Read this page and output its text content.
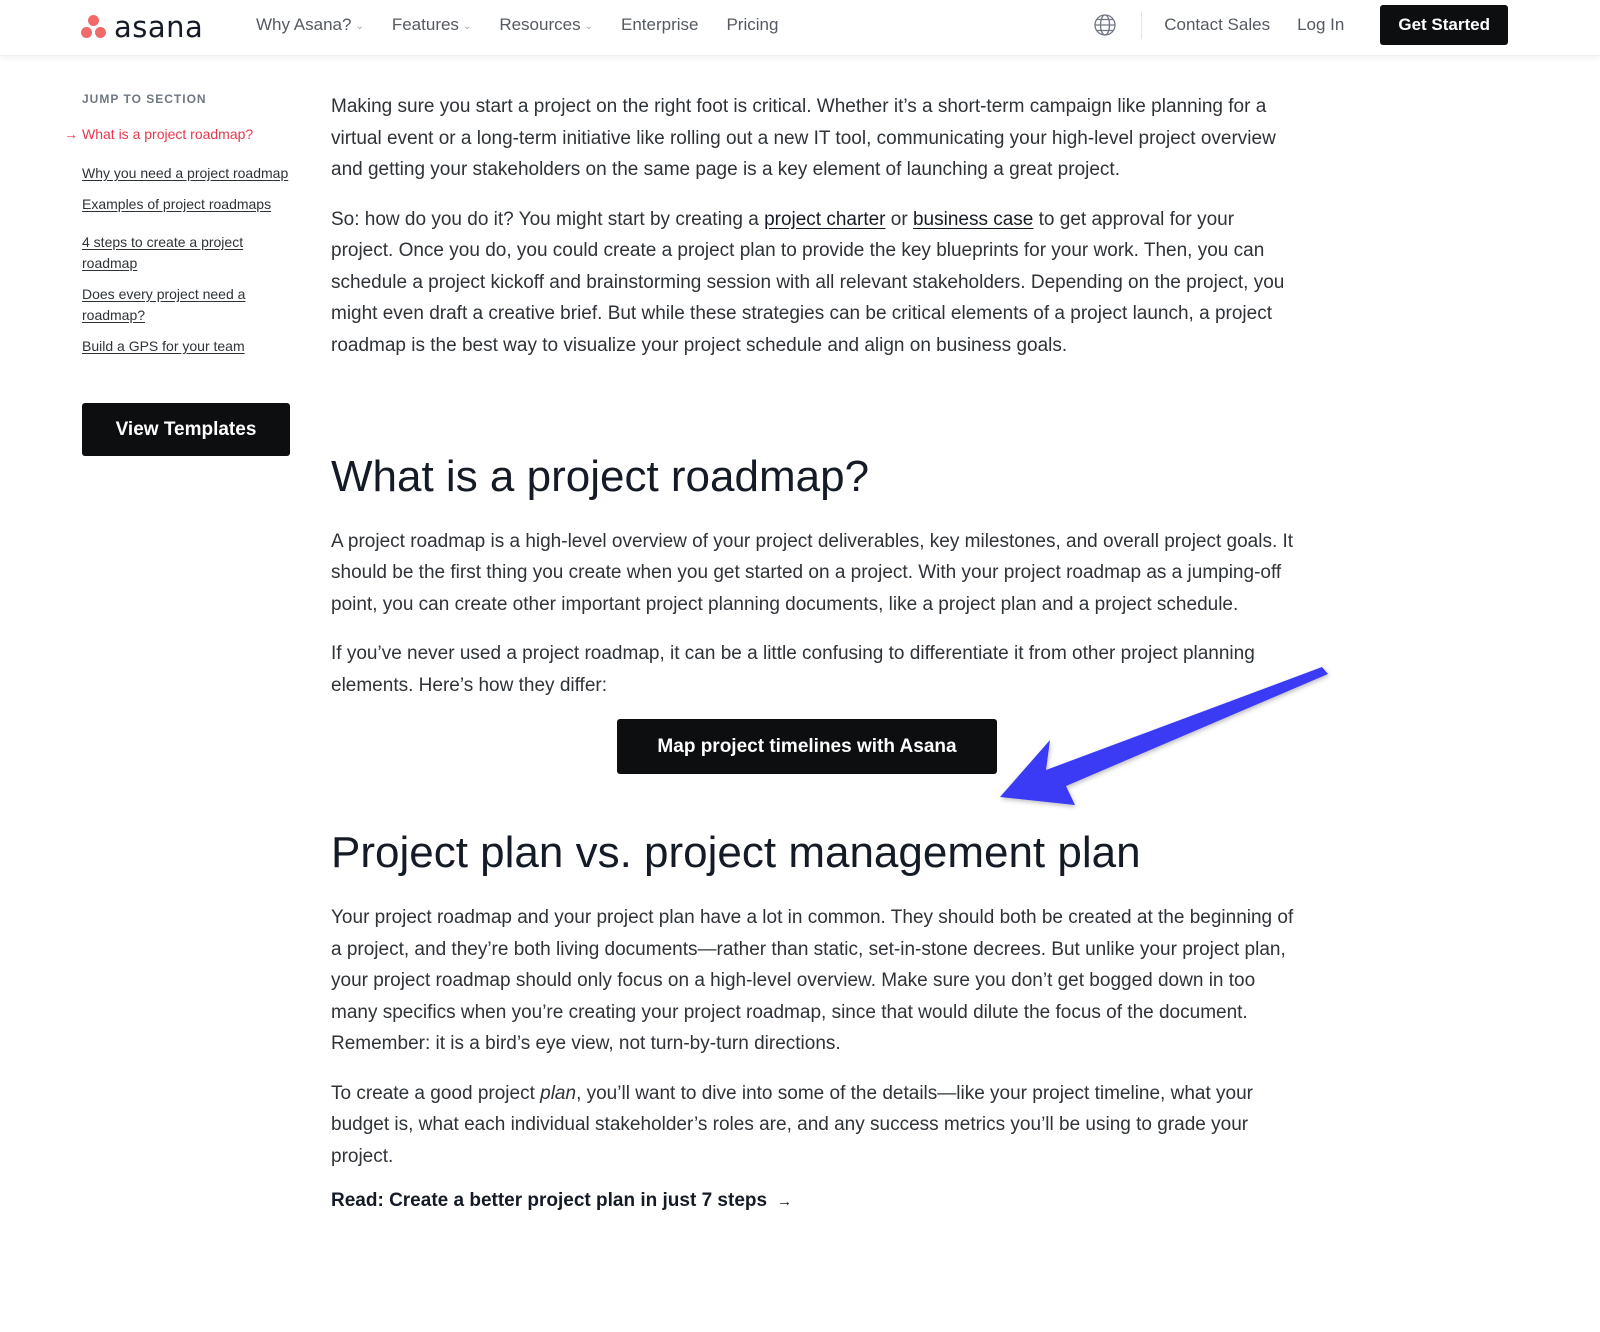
asana	Why Asana? ⌄ Features ⌄ Resources ⌄ Enterprise Pricing	Contact Sales Log In	Get Started
JUMP TO SECTION
→ What is a project roadmap?
Why you need a project roadmap
Examples of project roadmaps
4 steps to create a project roadmap
Does every project need a roadmap?
Build a GPS for your team
View Templates

Making sure you start a project on the right foot is critical. Whether it’s a short-term campaign like planning for a virtual event or a long-term initiative like rolling out a new IT tool, communicating your high-level project overview and getting your stakeholders on the same page is a key element of launching a great project.

So: how do you do it? You might start by creating a project charter or business case to get approval for your project. Once you do, you could create a project plan to provide the key blueprints for your work. Then, you can schedule a project kickoff and brainstorming session with all relevant stakeholders. Depending on the project, you might even draft a creative brief. But while these strategies can be critical elements of a project launch, a project roadmap is the best way to visualize your project schedule and align on business goals.

What is a project roadmap?

A project roadmap is a high-level overview of your project deliverables, key milestones, and overall project goals. It should be the first thing you create when you get started on a project. With your project roadmap as a jumping-off point, you can create other important project planning documents, like a project plan and a project schedule.

If you’ve never used a project roadmap, it can be a little confusing to differentiate it from other project planning elements. Here’s how they differ:

Map project timelines with Asana
Project plan vs. project management plan

Your project roadmap and your project plan have a lot in common. They should both be created at the beginning of a project, and they’re both living documents—rather than static, set-in-stone decrees. But unlike your project plan, your project roadmap should only focus on a high-level overview. Make sure you don’t get bogged down in too many specifics when you’re creating your project roadmap, since that would dilute the focus of the document. Remember: it is a bird’s eye view, not turn-by-turn directions.

To create a good project plan, you’ll want to dive into some of the details—like your project timeline, what your budget is, what each individual stakeholder’s roles are, and any success metrics you’ll be using to grade your project.

Read: Create a better project plan in just 7 steps →
